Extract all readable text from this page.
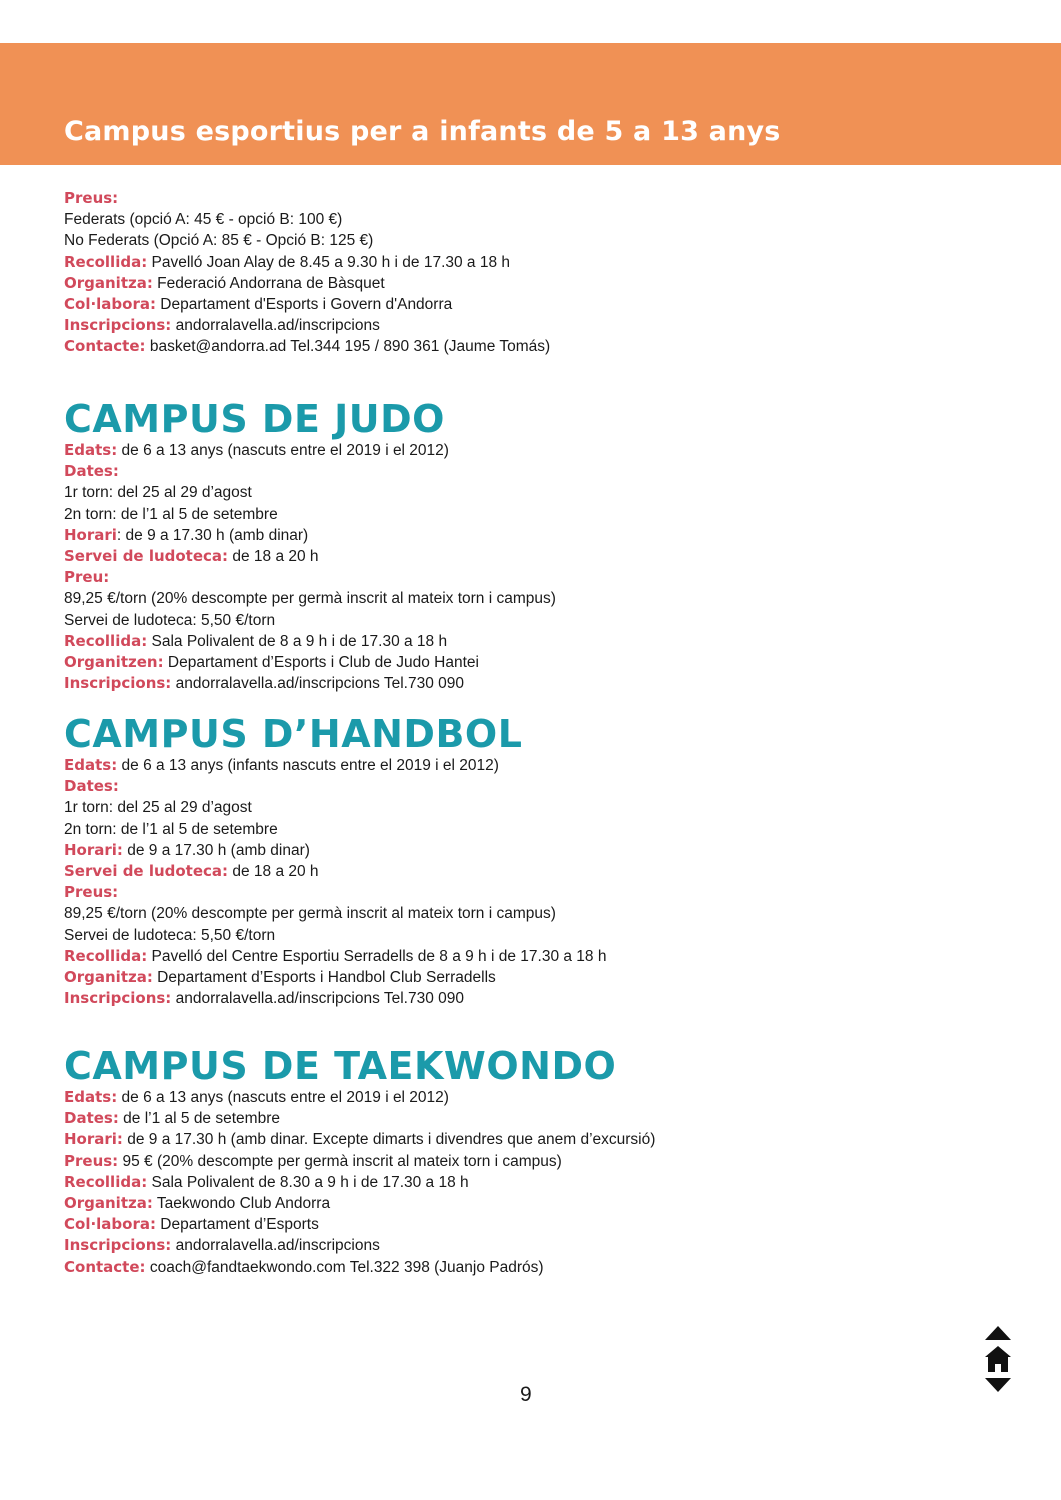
Campus esportius per a infants de 5 a 13 anys
Preus:
Federats (opció A: 45 € - opció B: 100 €)
No Federats (Opció A: 85 € - Opció B: 125 €)
Recollida: Pavelló Joan Alay de 8.45 a 9.30 h i de 17.30 a 18 h
Organitza: Federació Andorrana de Bàsquet
Col·labora: Departament d'Esports i Govern d'Andorra
Inscripcions: andorralavella.ad/inscripcions
Contacte: basket@andorra.ad Tel.344 195 / 890 361 (Jaume Tomás)
CAMPUS DE JUDO
Edats: de 6 a 13 anys (nascuts entre el 2019 i el 2012)
Dates:
1r torn: del 25 al 29 d’agost
2n torn: de l’1 al 5 de setembre
Horari: de 9 a 17.30 h (amb dinar)
Servei de ludoteca: de 18 a 20 h
Preu:
89,25 €/torn (20% descompte per germà inscrit al mateix torn i campus)
Servei de ludoteca: 5,50 €/torn
Recollida: Sala Polivalent de 8 a 9 h i de 17.30 a 18 h
Organitzen: Departament d’Esports i Club de Judo Hantei
Inscripcions: andorralavella.ad/inscripcions Tel.730 090
CAMPUS D’HANDBOL
Edats: de 6 a 13 anys (infants nascuts entre el 2019 i el 2012)
Dates:
1r torn: del 25 al 29 d’agost
2n torn: de l’1 al 5 de setembre
Horari: de 9 a 17.30 h (amb dinar)
Servei de ludoteca: de 18 a 20 h
Preus:
89,25 €/torn (20% descompte per germà inscrit al mateix torn i campus)
Servei de ludoteca: 5,50 €/torn
Recollida: Pavelló del Centre Esportiu Serradells de 8 a 9 h i de 17.30 a 18 h
Organitza: Departament d’Esports i Handbol Club Serradells
Inscripcions: andorralavella.ad/inscripcions Tel.730 090
CAMPUS DE TAEKWONDO
Edats: de 6 a 13 anys (nascuts entre el 2019 i el 2012)
Dates: de l’1 al 5 de setembre
Horari: de 9 a 17.30 h (amb dinar. Excepte dimarts i divendres que anem d’excursió)
Preus: 95 € (20% descompte per germà inscrit al mateix torn i campus)
Recollida: Sala Polivalent de 8.30 a 9 h i de 17.30 a 18 h
Organitza: Taekwondo Club Andorra
Col·labora: Departament d’Esports
Inscripcions: andorralavella.ad/inscripcions
Contacte: coach@fandtaekwondo.com Tel.322 398 (Juanjo Padrós)
9
